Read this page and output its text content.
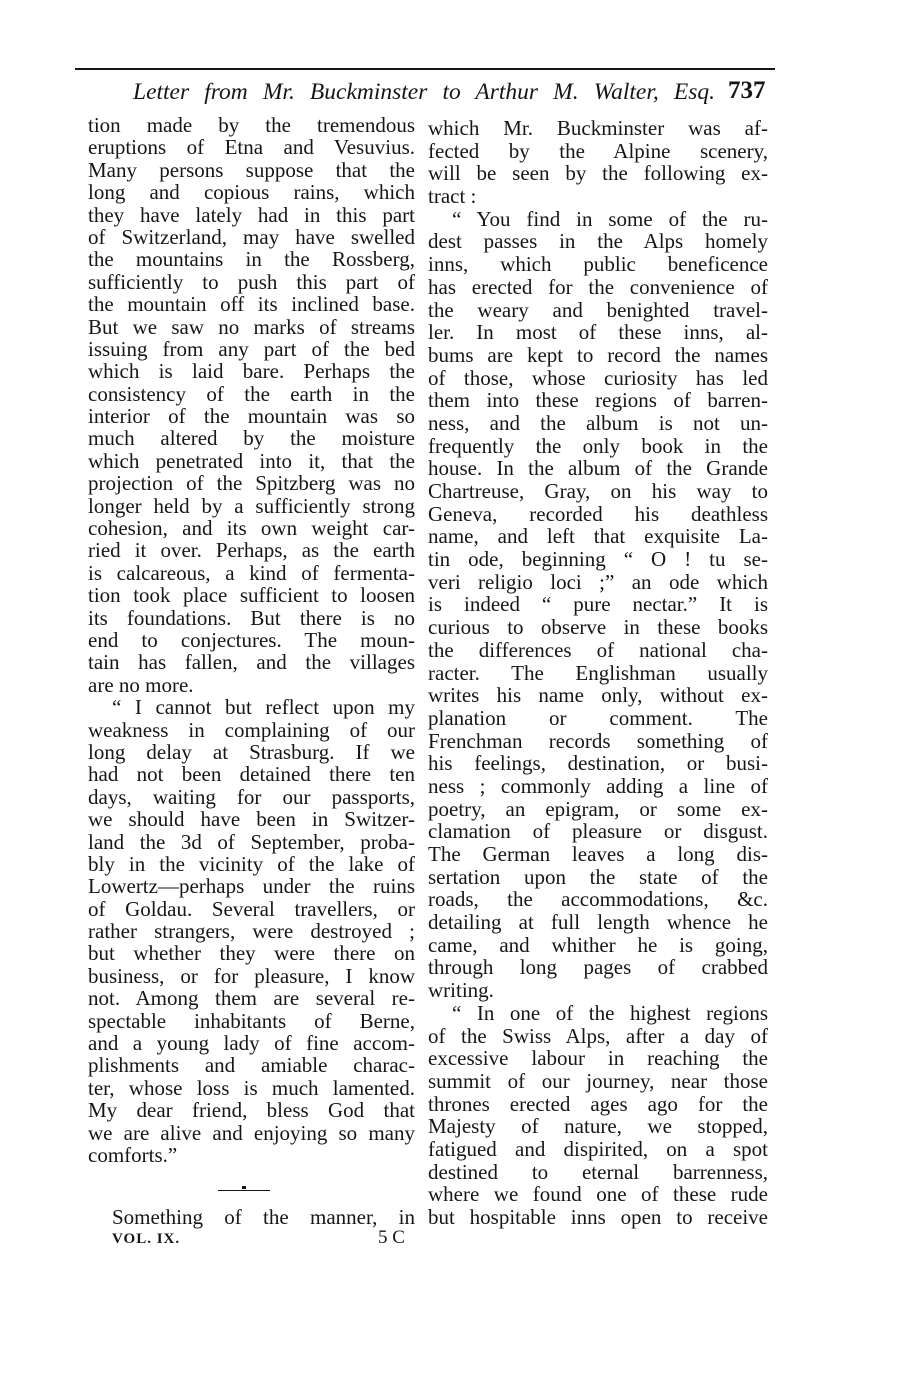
Letter from Mr. Buckminster to Arthur M. Walter, Esq. 737
tion made by the tremendous
eruptions of Etna and Vesuvius.
Many persons suppose that the
long and copious rains, which
they have lately had in this part
of Switzerland, may have swelled
the mountains in the Rossberg,
sufficiently to push this part of
the mountain off its inclined base.
But we saw no marks of streams
issuing from any part of the bed
which is laid bare. Perhaps the
consistency of the earth in the
interior of the mountain was so
much altered by the moisture
which penetrated into it, that the
projection of the Spitzberg was no
longer held by a sufficiently strong
cohesion, and its own weight car-
ried it over. Perhaps, as the earth
is calcareous, a kind of fermenta-
tion took place sufficient to loosen
its foundations. But there is no
end to conjectures. The moun-
tain has fallen, and the villages
are no more.
“ I cannot but reflect upon my
weakness in complaining of our
long delay at Strasburg. If we
had not been detained there ten
days, waiting for our passports,
we should have been in Switzer-
land the 3d of September, proba-
bly in the vicinity of the lake of
Lowertz—perhaps under the ruins
of Goldau. Several travellers, or
rather strangers, were destroyed ;
but whether they were there on
business, or for pleasure, I know
not. Among them are several re-
spectable inhabitants of Berne,
and a young lady of fine accom-
plishments and amiable charac-
ter, whose loss is much lamented.
My dear friend, bless God that
we are alive and enjoying so many
comforts.”
which Mr. Buckminster was af-
fected by the Alpine scenery,
will be seen by the following ex-
tract :
“ You find in some of the ru-
dest passes in the Alps homely
inns, which public beneficence
has erected for the convenience of
the weary and benighted travel-
ler. In most of these inns, al-
bums are kept to record the names
of those, whose curiosity has led
them into these regions of barren-
ness, and the album is not un-
frequently the only book in the
house. In the album of the Grande
Chartreuse, Gray, on his way to
Geneva, recorded his deathless
name, and left that exquisite La-
tin ode, beginning “ O ! tu se-
veri religio loci ;” an ode which
is indeed “ pure nectar.” It is
curious to observe in these books
the differences of national cha-
racter. The Englishman usually
writes his name only, without ex-
planation or comment. The
Frenchman records something of
his feelings, destination, or busi-
ness ; commonly adding a line of
poetry, an epigram, or some ex-
clamation of pleasure or disgust.
The German leaves a long dis-
sertation upon the state of the
roads, the accommodations, &c.
detailing at full length whence he
came, and whither he is going,
through long pages of crabbed
writing.
“ In one of the highest regions
of the Swiss Alps, after a day of
excessive labour in reaching the
summit of our journey, near those
thrones erected ages ago for the
Majesty of nature, we stopped,
fatigued and dispirited, on a spot
destined to eternal barrenness,
where we found one of these rude
but hospitable inns open to receive
Something of the manner, in
VOL. IX.	5 C
